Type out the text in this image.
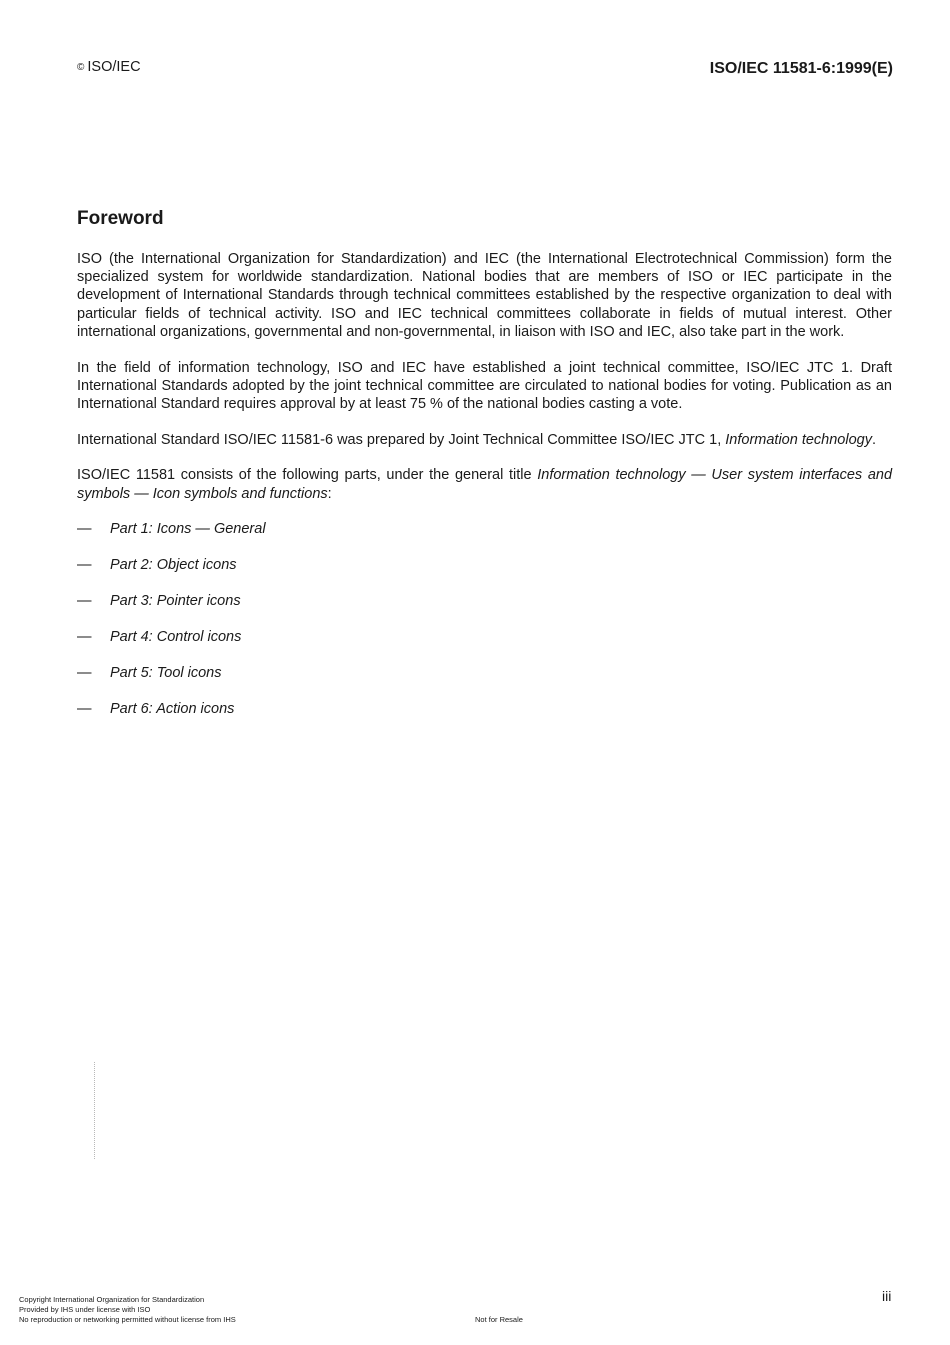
© ISO/IEC	ISO/IEC 11581-6:1999(E)
Foreword

ISO (the International Organization for Standardization) and IEC (the International Electrotechnical Commission) form the specialized system for worldwide standardization. National bodies that are members of ISO or IEC participate in the development of International Standards through technical committees established by the respective organization to deal with particular fields of technical activity. ISO and IEC technical committees collaborate in fields of mutual interest. Other international organizations, governmental and non-governmental, in liaison with ISO and IEC, also take part in the work.

In the field of information technology, ISO and IEC have established a joint technical committee, ISO/IEC JTC 1. Draft International Standards adopted by the joint technical committee are circulated to national bodies for voting. Publication as an International Standard requires approval by at least 75 % of the national bodies casting a vote.

International Standard ISO/IEC 11581-6 was prepared by Joint Technical Committee ISO/IEC JTC 1, Information technology.

ISO/IEC 11581 consists of the following parts, under the general title Information technology — User system interfaces and symbols — Icon symbols and functions:

—	Part 1: Icons — General
—	Part 2: Object icons
—	Part 3: Pointer icons
—	Part 4: Control icons
—	Part 5: Tool icons
—	Part 6: Action icons
iii
Copyright International Organization for Standardization
Provided by IHS under license with ISO
No reproduction or networking permitted without license from IHS	Not for Resale
